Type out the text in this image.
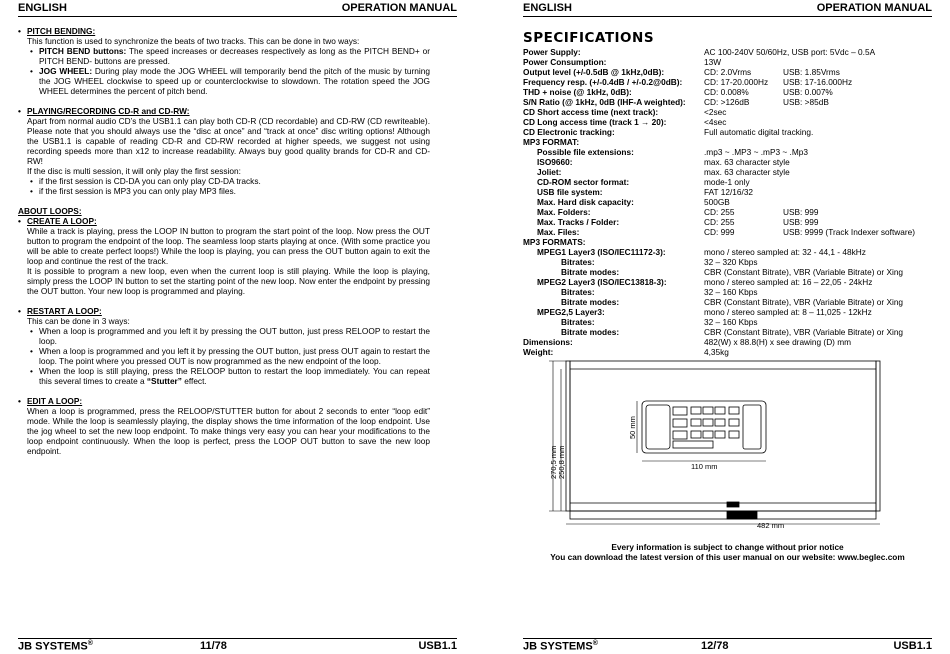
ENGLISH	OPERATION MANUAL
• PITCH BENDING:
This function is used to synchronize the beats of two tracks. This can be done in two ways:
• PITCH BEND buttons: The speed increases or decreases respectively as long as the PITCH BEND+ or PITCH BEND- buttons are pressed.
• JOG WHEEL: During play mode the JOG WHEEL will temporarily bend the pitch of the music by turning the JOG WHEEL clockwise to speed up or counterclockwise to slowdown. The rotation speed the JOG WHEEL determines the percent of pitch bend.
• PLAYING/RECORDING CD-R and CD-RW:
Apart from normal audio CD’s the USB1.1 can play both CD-R (CD recordable) and CD-RW (CD rewriteable). Please note that you should always use the “disc at once” and “track at once” disc writing options! Although the USB1.1 is capable of reading CD-R and CD-RW recorded at higher speeds, we suggest not using recording speeds more than x12 to increase readability. Always buy good quality brands for CD-R and CD-RW!
If the disc is multi session, it will only play the first session:
• if the first session is CD-DA you can only play CD-DA tracks.
• if the first session is MP3 you can only play MP3 files.
ABOUT LOOPS:
• CREATE A LOOP:
While a track is playing, press the LOOP IN button to program the start point of the loop. Now press the OUT button to program the endpoint of the loop. The seamless loop starts playing at once. (With some practice you will be able to create perfect loops!) While the loop is playing, you can press the OUT button again to exit the loop and continue the rest of the track.
It is possible to program a new loop, even when the current loop is still playing. While the loop is playing, simply press the LOOP IN button to set the starting point of the new loop. Now enter the endpoint by pressing the OUT button. Your new loop is programmed and playing.
• RESTART A LOOP:
This can be done in 3 ways:
• When a loop is programmed and you left it by pressing the OUT button, just press RELOOP to restart the loop.
• When a loop is programmed and you left it by pressing the OUT button, just press OUT again to restart the loop. The point where you pressed OUT is now programmed as the new endpoint of the loop.
• When the loop is still playing, press the RELOOP button to restart the loop immediately. You can repeat this several times to create a “Stutter” effect.
• EDIT A LOOP:
When a loop is programmed, press the RELOOP/STUTTER button for about 2 seconds to enter “loop edit” mode. While the loop is seamlessly playing, the display shows the time information of the loop endpoint. Use the jog wheel to set the new loop endpoint. To make things very easy you can hear your modifications to the loop endpoint continuously. When the loop is perfect, press the LOOP OUT button to save the new loop endpoint.
JB SYSTEMS®	11/78	USB1.1
ENGLISH	OPERATION MANUAL
SPECIFICATIONS
Power Supply:	AC 100-240V 50/60Hz, USB port: 5Vdc – 0.5A
Power Consumption:	13W
Output level (+/-0.5dB @ 1kHz,0dB):	CD: 2.0Vrms	USB: 1.85Vrms
Frequency resp. (+/-0.4dB / +/-0.2@0dB):	CD: 17-20.000Hz USB: 17-16.000Hz
THD + noise (@ 1kHz, 0dB):	CD: 0.008%	USB: 0.007%
S/N Ratio (@ 1kHz, 0dB (IHF-A weighted): CD: >126dB	USB: >85dB
CD Short access time (next track):	<2sec
CD Long access time (track 1 → 20):	<4sec
CD Electronic tracking:	Full automatic digital tracking.
MP3 FORMAT:
Possible file extensions:	.mp3 ~ .MP3 ~ .mP3 ~ .Mp3
ISO9660:	max. 63 character style
Joliet:	max. 63 character style
CD-ROM sector format:	mode-1 only
USB file system:	FAT 12/16/32
Max. Hard disk capacity:	500GB
Max. Folders:	CD: 255	USB: 999
Max. Tracks / Folder:	CD: 255	USB: 999
Max. Files:	CD: 999	USB: 9999 (Track Indexer software)
MP3 FORMATS:
MPEG1 Layer3 (ISO/IEC11172-3):	mono / stereo sampled at: 32 - 44,1 - 48kHz
Bitrates:	32 – 320 Kbps
Bitrate modes:	CBR (Constant Bitrate), VBR (Variable Bitrate) or Xing
MPEG2 Layer3 (ISO/IEC13818-3):	mono / stereo sampled at: 16 – 22,05 - 24kHz
Bitrates:	32 – 160 Kbps
Bitrate modes:	CBR (Constant Bitrate), VBR (Variable Bitrate) or Xing
MPEG2,5 Layer3:	mono / stereo sampled at: 8 – 11,025 - 12kHz
Bitrates:	32 – 160 Kbps
Bitrate modes:	CBR (Constant Bitrate), VBR (Variable Bitrate) or Xing
Dimensions:	482(W) x 88.8(H) x see drawing (D) mm
Weight:	4,35kg
270,5 mm 250,8 mm
50 mm
110 mm
482 mm
Every information is subject to change without prior notice
You can download the latest version of this user manual on our website: www.beglec.com
JB SYSTEMS®	12/78	USB1.1
